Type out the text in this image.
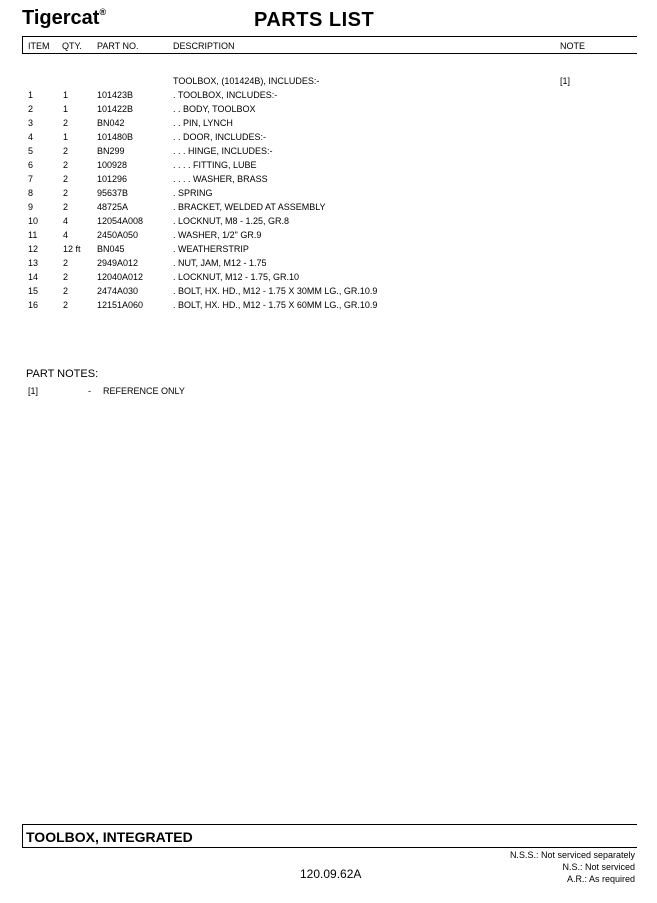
Tigercat®	PARTS LIST
ITEM QTY. PART NO.	DESCRIPTION	NOTE
TOOLBOX, (101424B), INCLUDES:-	[1]
1	1	101423B	. TOOLBOX, INCLUDES:-
2	1	101422B	. . BODY, TOOLBOX
3	2	BN042	. . PIN, LYNCH
4	1	101480B	. . DOOR, INCLUDES:-
5	2	BN299	. . . HINGE, INCLUDES:-
6	2	100928	. . . . FITTING, LUBE
7	2	101296	. . . . WASHER, BRASS
8	2	95637B	. SPRING
9	2	48725A	. BRACKET, WELDED AT ASSEMBLY
10	4	12054A008	. LOCKNUT, M8 - 1.25, GR.8
11	4	2450A050	. WASHER, 1/2" GR.9
12	12 ft BN045	. WEATHERSTRIP
13	2	2949A012	. NUT, JAM, M12 - 1.75
14	2	12040A012	. LOCKNUT, M12 - 1.75, GR.10
15	2	2474A030	. BOLT, HX. HD., M12 - 1.75 X 30MM LG., GR.10.9
16	2	12151A060	. BOLT, HX. HD., M12 - 1.75 X 60MM LG., GR.10.9
PART NOTES:
[1]	- REFERENCE ONLY
TOOLBOX, INTEGRATED
120.09.62A
N.S.S.: Not serviced separately
N.S.: Not serviced
A.R.: As required
